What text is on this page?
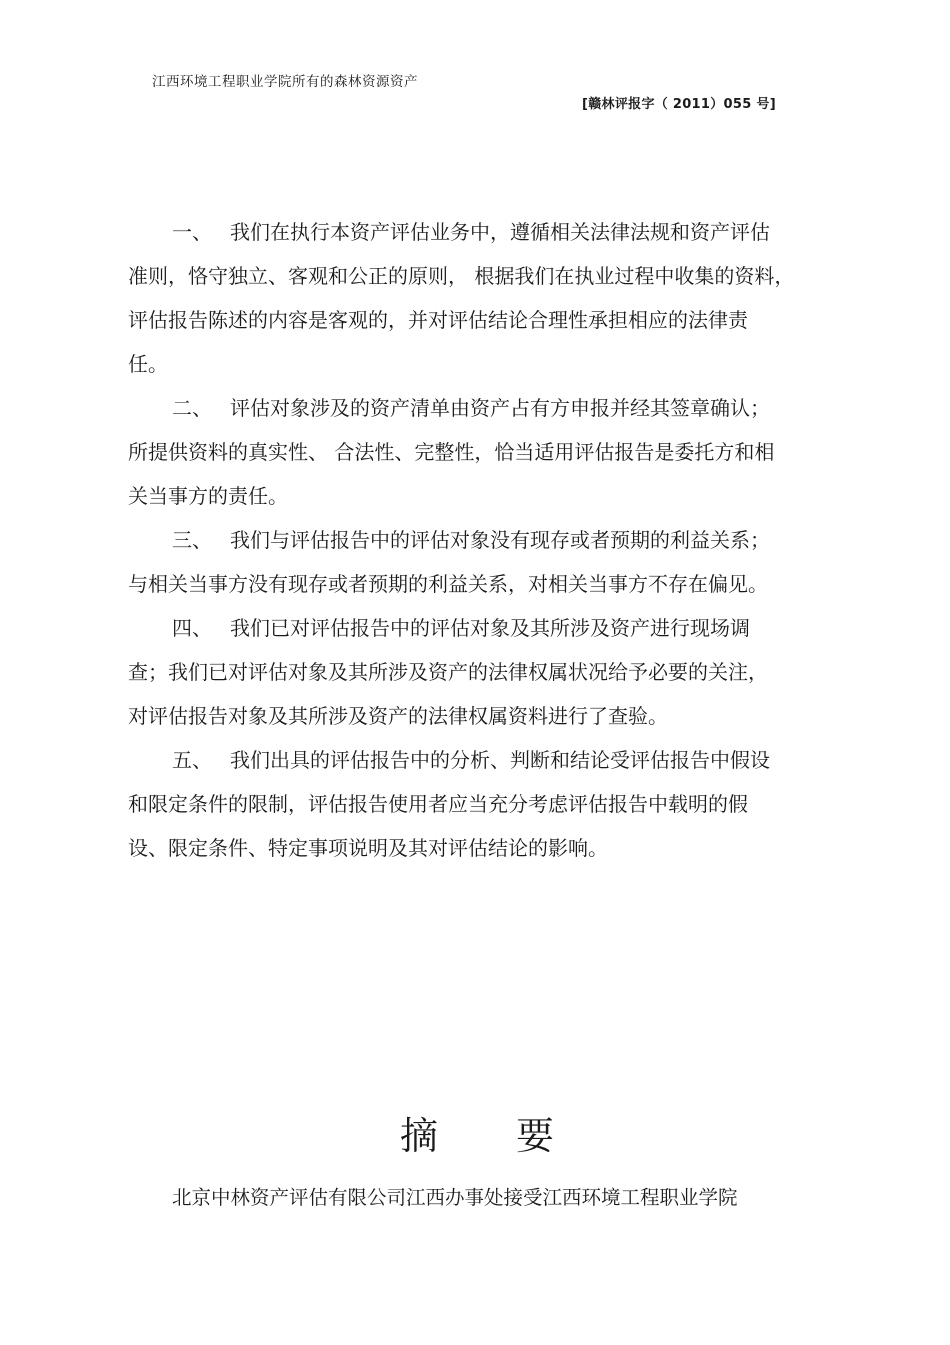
江西环境工程职业学院所有的森林资源资产
[赣林评报字（ 2011）055 号]
一、 我们在执行本资产评估业务中，遵循相关法律法规和资产评估
准则，恪守独立、客观和公正的原则， 根据我们在执业过程中收集的资料，
评估报告陈述的内容是客观的，并对评估结论合理性承担相应的法律责
任。
二、 评估对象涉及的资产清单由资产占有方申报并经其签章确认；
所提供资料的真实性、 合法性、完整性，恰当适用评估报告是委托方和相
关当事方的责任。
三、 我们与评估报告中的评估对象没有现存或者预期的利益关系；
与相关当事方没有现存或者预期的利益关系，对相关当事方不存在偏见。
四、 我们已对评估报告中的评估对象及其所涉及资产进行现场调
查；我们已对评估对象及其所涉及资产的法律权属状况给予必要的关注，
对评估报告对象及其所涉及资产的法律权属资料进行了查验。
五、 我们出具的评估报告中的分析、判断和结论受评估报告中假设
和限定条件的限制，评估报告使用者应当充分考虑评估报告中载明的假
设、限定条件、特定事项说明及其对评估结论的影响。
摘要
北京中林资产评估有限公司江西办事处接受江西环境工程职业学院
